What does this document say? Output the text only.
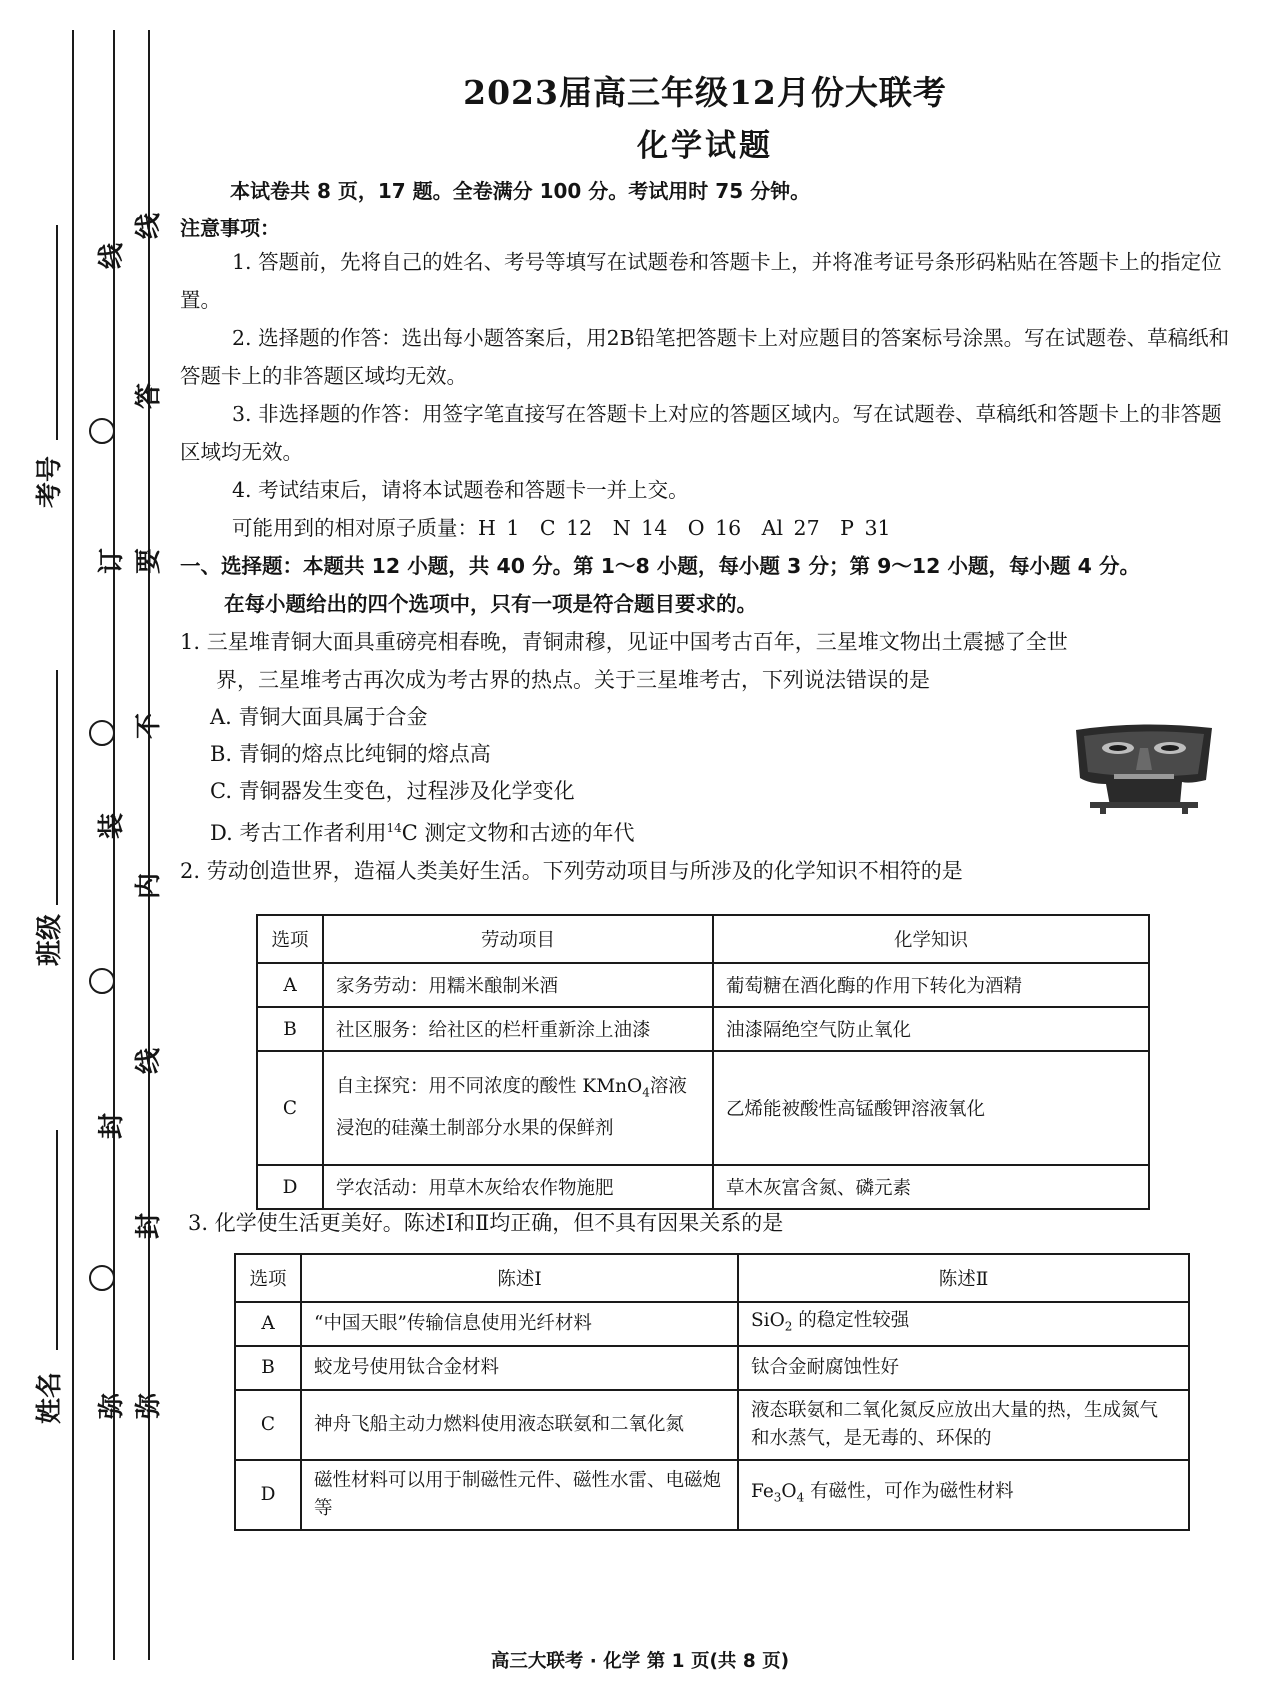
线
答
要
不
内
线
封
弥
线
订
装
封
弥
考号
班级
姓名
2023届高三年级12月份大联考
化学试题

本试卷共 8 页，17 题。全卷满分 100 分。考试用时 75 分钟。

注意事项：

1. 答题前，先将自己的姓名、考号等填写在试题卷和答题卡上，并将准考证号条形码粘贴在答题卡上的指定位置。

2. 选择题的作答：选出每小题答案后，用2B铅笔把答题卡上对应题目的答案标号涂黑。写在试题卷、草稿纸和答题卡上的非答题区域均无效。

3. 非选择题的作答：用签字笔直接写在答题卡上对应的答题区域内。写在试题卷、草稿纸和答题卡上的非答题区域均无效。

4. 考试结束后，请将本试题卷和答题卡一并上交。

可能用到的相对原子质量：H 1　C 12　N 14　O 16　Al 27　P 31

一、选择题：本题共 12 小题，共 40 分。第 1～8 小题，每小题 3 分；第 9～12 小题，每小题 4 分。

在每小题给出的四个选项中，只有一项是符合题目要求的。

1. 三星堆青铜大面具重磅亮相春晚，青铜肃穆，见证中国考古百年，三星堆文物出土震撼了全世

界，三星堆考古再次成为考古界的热点。关于三星堆考古，下列说法错误的是

A. 青铜大面具属于合金

B. 青铜的熔点比纯铜的熔点高

C. 青铜器发生变色，过程涉及化学变化

D. 考古工作者利用$^{14}$C 测定文物和古迹的年代

2. 劳动创造世界，造福人类美好生活。下列劳动项目与所涉及的化学知识不相符的是

选项	劳动项目	化学知识
A	家务劳动：用糯米酿制米酒	葡萄糖在酒化酶的作用下转化为酒精
B	社区服务：给社区的栏杆重新涂上油漆	油漆隔绝空气防止氧化
C	自主探究：用不同浓度的酸性 KMnO$_4$溶液浸泡的硅藻土制部分水果的保鲜剂	乙烯能被酸性高锰酸钾溶液氧化
D	学农活动：用草木灰给农作物施肥	草木灰富含氮、磷元素

3. 化学使生活更美好。陈述Ⅰ和Ⅱ均正确，但不具有因果关系的是

选项	陈述Ⅰ	陈述Ⅱ
A	“中国天眼”传输信息使用光纤材料	SiO$_2$ 的稳定性较强
B	蛟龙号使用钛合金材料	钛合金耐腐蚀性好
C	神舟飞船主动力燃料使用液态联氨和二氧化氮	液态联氨和二氧化氮反应放出大量的热，生成氮气和水蒸气，是无毒的、环保的
D	磁性材料可以用于制磁性元件、磁性水雷、电磁炮等	$Fe_3O_4$ 有磁性，可作为磁性材料
高三大联考 · 化学 第 1 页(共 8 页)
